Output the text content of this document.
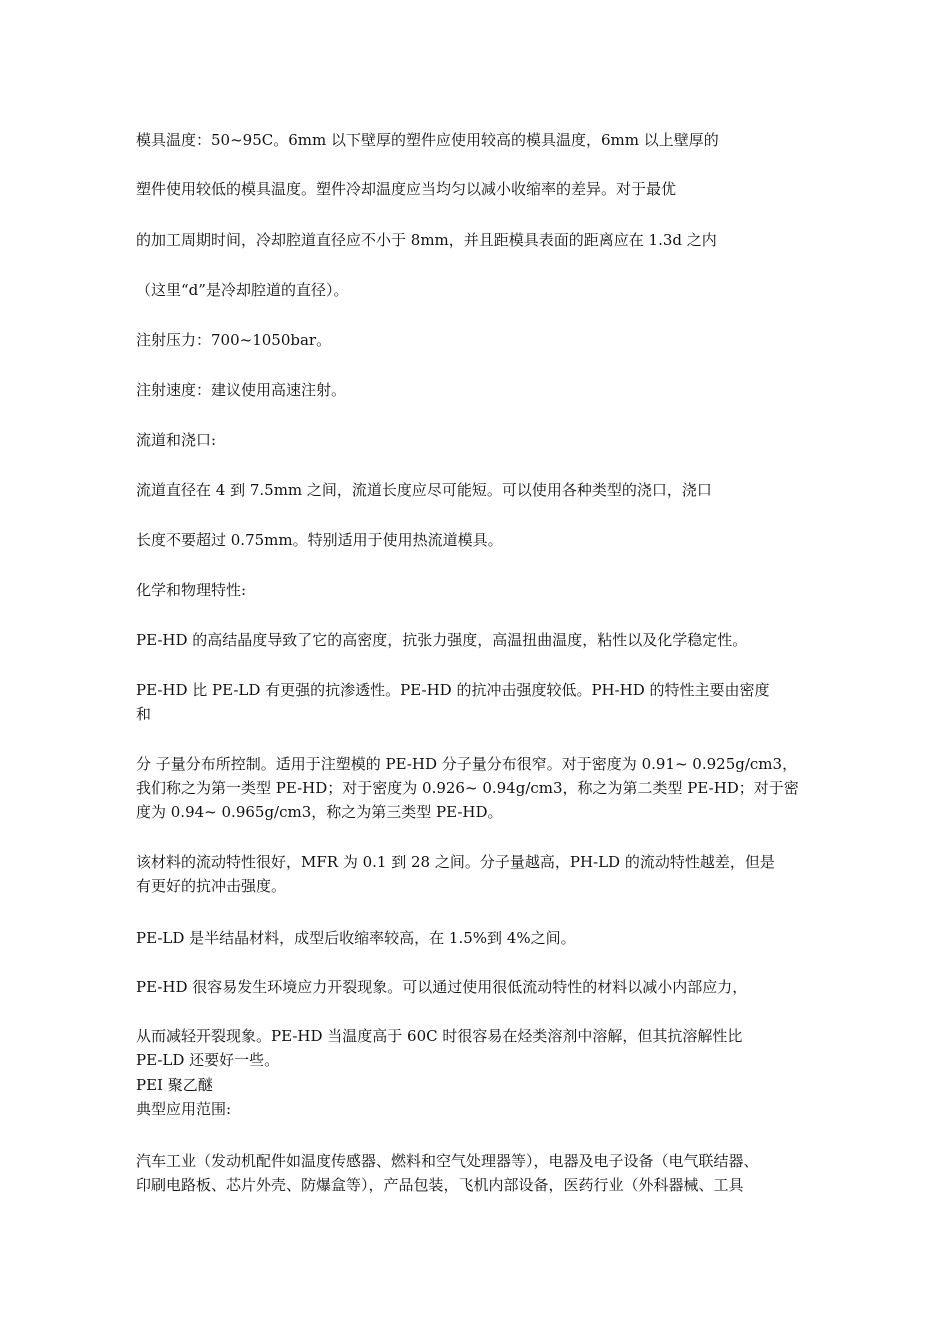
模具温度：50~95C。6mm 以下壁厚的塑件应使用较高的模具温度，6mm 以上壁厚的
塑件使用较低的模具温度。塑件冷却温度应当均匀以减小收缩率的差异。对于最优
的加工周期时间，冷却腔道直径应不小于 8mm，并且距模具表面的距离应在 1.3d 之内
（这里“d”是冷却腔道的直径）。
注射压力：700~1050bar。
注射速度：建议使用高速注射。
流道和浇口:
流道直径在 4 到 7.5mm 之间，流道长度应尽可能短。可以使用各种类型的浇口，浇口
长度不要超过 0.75mm。特别适用于使用热流道模具。
化学和物理特性:
PE-HD 的高结晶度导致了它的高密度，抗张力强度，高温扭曲温度，粘性以及化学稳定性。
PE-HD 比 PE-LD 有更强的抗渗透性。PE-HD 的抗冲击强度较低。PH-HD 的特性主要由密度
和
分 子量分布所控制。适用于注塑模的 PE-HD 分子量分布很窄。对于密度为 0.91~ 0.925g/cm3，
我们称之为第一类型 PE-HD；对于密度为 0.926~ 0.94g/cm3，称之为第二类型 PE-HD；对于密
度为 0.94~ 0.965g/cm3，称之为第三类型 PE-HD。
该材料的流动特性很好，MFR 为 0.1 到 28 之间。分子量越高，PH-LD 的流动特性越差，但是
有更好的抗冲击强度。
PE-LD 是半结晶材料，成型后收缩率较高，在 1.5%到 4%之间。
PE-HD 很容易发生环境应力开裂现象。可以通过使用很低流动特性的材料以减小内部应力，
从而减轻开裂现象。PE-HD 当温度高于 60C 时很容易在烃类溶剂中溶解，但其抗溶解性比
PE-LD 还要好一些。
PEI 聚乙醚
典型应用范围:
汽车工业（发动机配件如温度传感器、燃料和空气处理器等），电器及电子设备（电气联结器、
印刷电路板、芯片外壳、防爆盒等），产品包装，飞机内部设备，医药行业（外科器械、工具
